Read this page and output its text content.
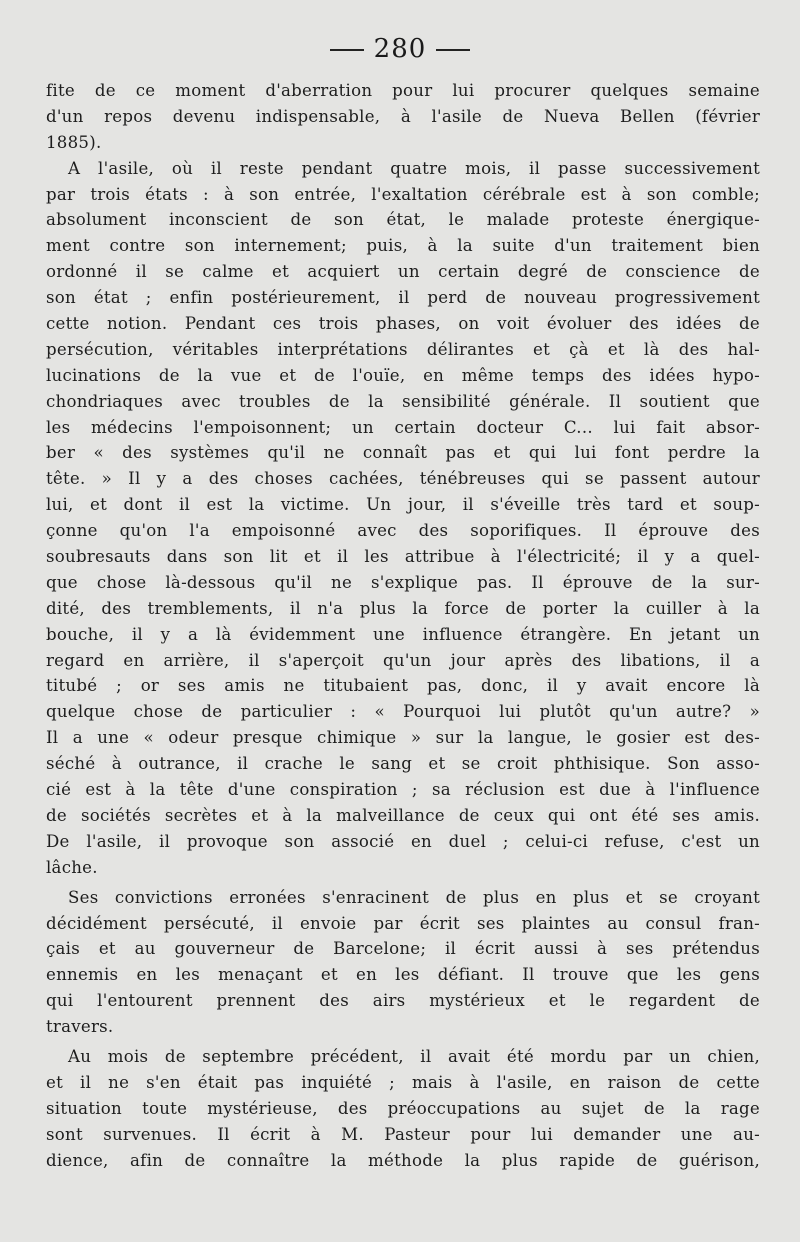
280
fite de ce moment d'aberration pour lui procurer quelques semaine
d'un repos devenu indispensable, à l'asile de Nueva Bellen (février
1885).
A l'asile, où il reste pendant quatre mois, il passe successivement
par trois états : à son entrée, l'exaltation cérébrale est à son comble;
absolument inconscient de son état, le malade proteste énergique-
ment contre son internement; puis, à la suite d'un traitement bien
ordonné il se calme et acquiert un certain degré de conscience de
son état ; enfin postérieurement, il perd de nouveau progressivement
cette notion. Pendant ces trois phases, on voit évoluer des idées de
persécution, véritables interprétations délirantes et çà et là des hal-
lucinations de la vue et de l'ouïe, en même temps des idées hypo-
chondriaques avec troubles de la sensibilité générale. Il soutient que
les médecins l'empoisonnent; un certain docteur C... lui fait absor-
ber « des systèmes qu'il ne connaît pas et qui lui font perdre la
tête. » Il y a des choses cachées, ténébreuses qui se passent autour
lui, et dont il est la victime. Un jour, il s'éveille très tard et soup-
çonne qu'on l'a empoisonné avec des soporifiques. Il éprouve des
soubresauts dans son lit et il les attribue à l'électricité; il y a quel-
que chose là-dessous qu'il ne s'explique pas. Il éprouve de la sur-
dité, des tremblements, il n'a plus la force de porter la cuiller à la
bouche, il y a là évidemment une influence étrangère. En jetant un
regard en arrière, il s'aperçoit qu'un jour après des libations, il a
titubé ; or ses amis ne titubaient pas, donc, il y avait encore là
quelque chose de particulier : « Pourquoi lui plutôt qu'un autre? »
Il a une « odeur presque chimique » sur la langue, le gosier est des-
séché à outrance, il crache le sang et se croit phthisique. Son asso-
cié est à la tête d'une conspiration ; sa réclusion est due à l'influence
de sociétés secrètes et à la malveillance de ceux qui ont été ses amis.
De l'asile, il provoque son associé en duel ; celui-ci refuse, c'est un
lâche.
Ses convictions erronées s'enracinent de plus en plus et se croyant
décidément persécuté, il envoie par écrit ses plaintes au consul fran-
çais et au gouverneur de Barcelone; il écrit aussi à ses prétendus
ennemis en les menaçant et en les défiant. Il trouve que les gens
qui l'entourent prennent des airs mystérieux et le regardent de
travers.
Au mois de septembre précédent, il avait été mordu par un chien,
et il ne s'en était pas inquiété ; mais à l'asile, en raison de cette
situation toute mystérieuse, des préoccupations au sujet de la rage
sont survenues. Il écrit à M. Pasteur pour lui demander une au-
dience, afin de connaître la méthode la plus rapide de guérison,
